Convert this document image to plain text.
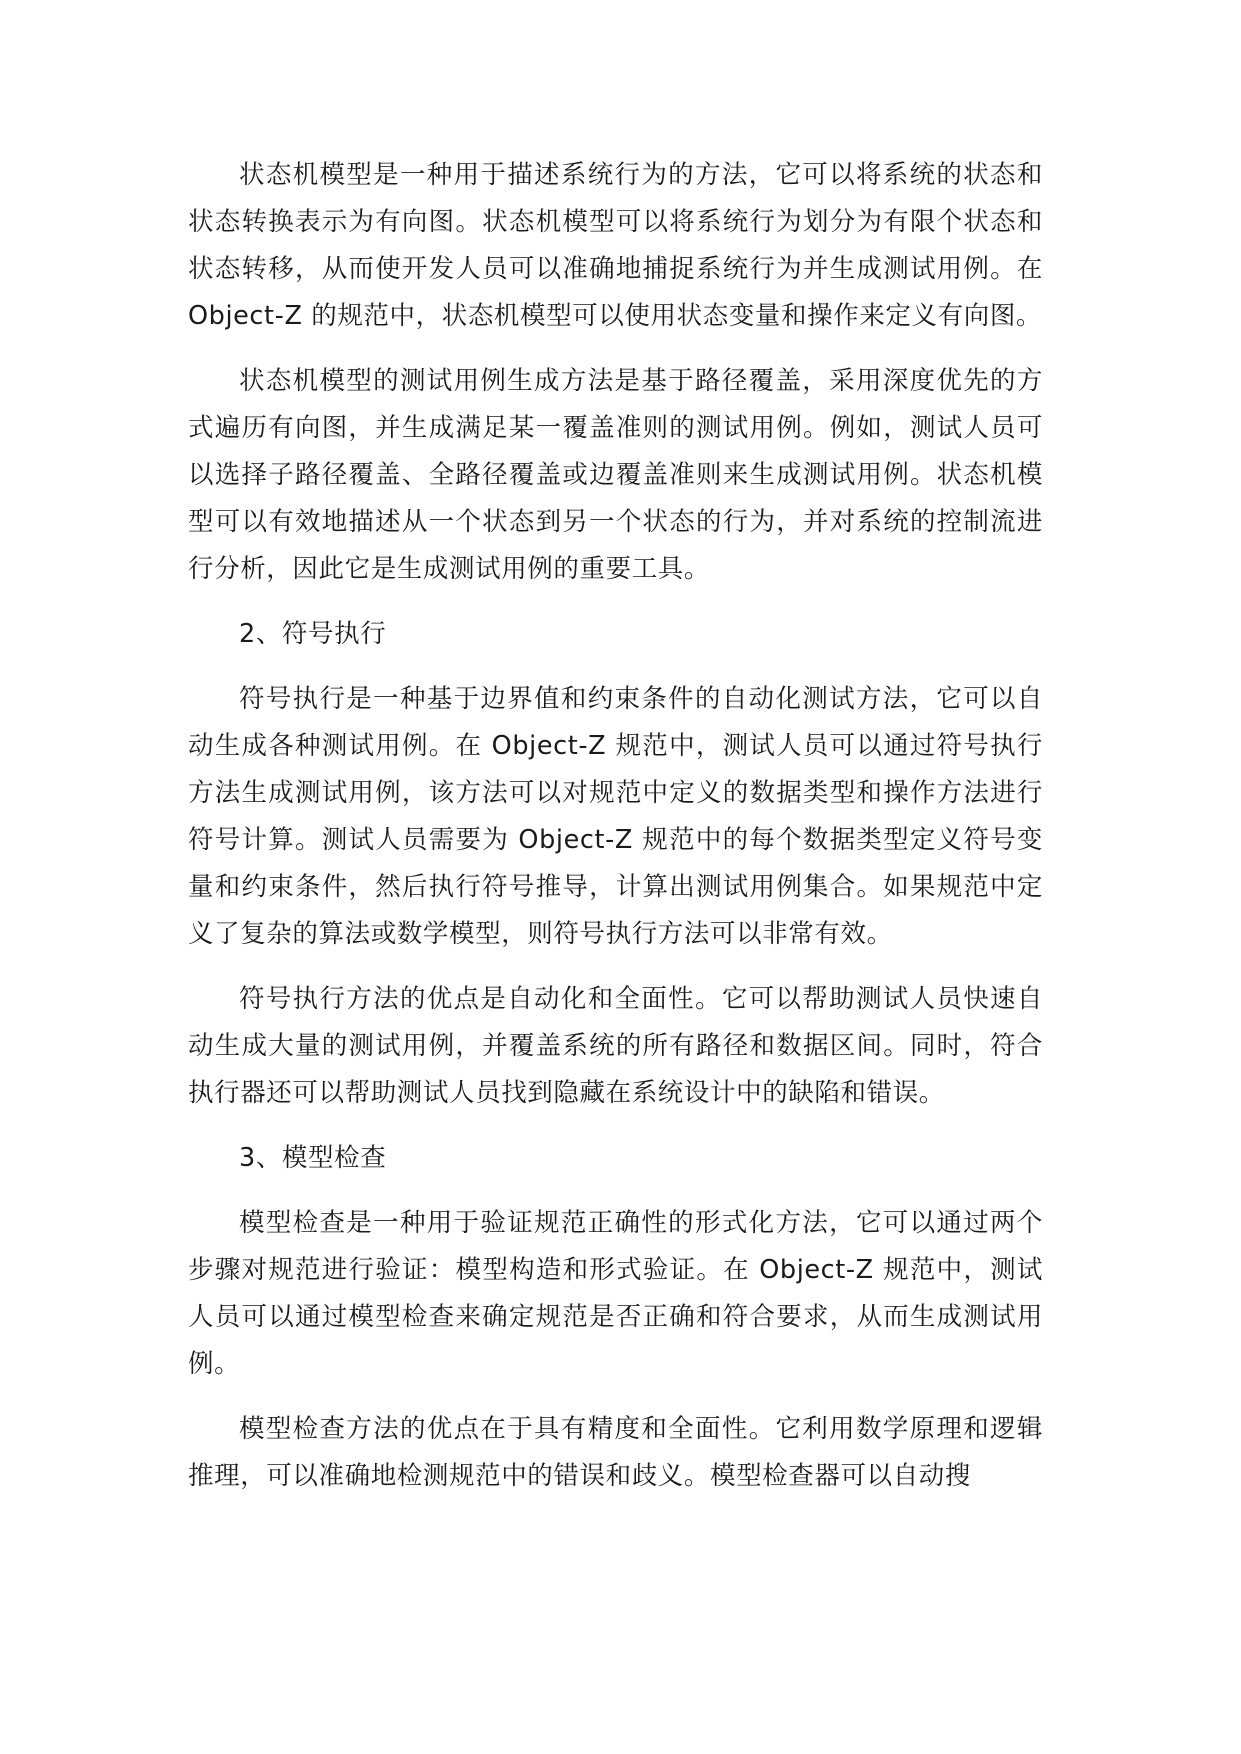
状态机模型是一种用于描述系统行为的方法，它可以将系统的状态和状态转换表示为有向图。状态机模型可以将系统行为划分为有限个状态和状态转移，从而使开发人员可以准确地捕捉系统行为并生成测试用例。在 Object-Z 的规范中，状态机模型可以使用状态变量和操作来定义有向图。

状态机模型的测试用例生成方法是基于路径覆盖，采用深度优先的方式遍历有向图，并生成满足某一覆盖准则的测试用例。例如，测试人员可以选择子路径覆盖、全路径覆盖或边覆盖准则来生成测试用例。状态机模型可以有效地描述从一个状态到另一个状态的行为，并对系统的控制流进行分析，因此它是生成测试用例的重要工具。

2、符号执行

符号执行是一种基于边界值和约束条件的自动化测试方法，它可以自动生成各种测试用例。在 Object-Z 规范中，测试人员可以通过符号执行方法生成测试用例，该方法可以对规范中定义的数据类型和操作方法进行符号计算。测试人员需要为 Object-Z 规范中的每个数据类型定义符号变量和约束条件，然后执行符号推导，计算出测试用例集合。如果规范中定义了复杂的算法或数学模型，则符号执行方法可以非常有效。

符号执行方法的优点是自动化和全面性。它可以帮助测试人员快速自动生成大量的测试用例，并覆盖系统的所有路径和数据区间。同时，符合执行器还可以帮助测试人员找到隐藏在系统设计中的缺陷和错误。

3、模型检查

模型检查是一种用于验证规范正确性的形式化方法，它可以通过两个步骤对规范进行验证：模型构造和形式验证。在 Object-Z 规范中，测试人员可以通过模型检查来确定规范是否正确和符合要求，从而生成测试用例。

模型检查方法的优点在于具有精度和全面性。它利用数学原理和逻辑推理，可以准确地检测规范中的错误和歧义。模型检查器可以自动搜
